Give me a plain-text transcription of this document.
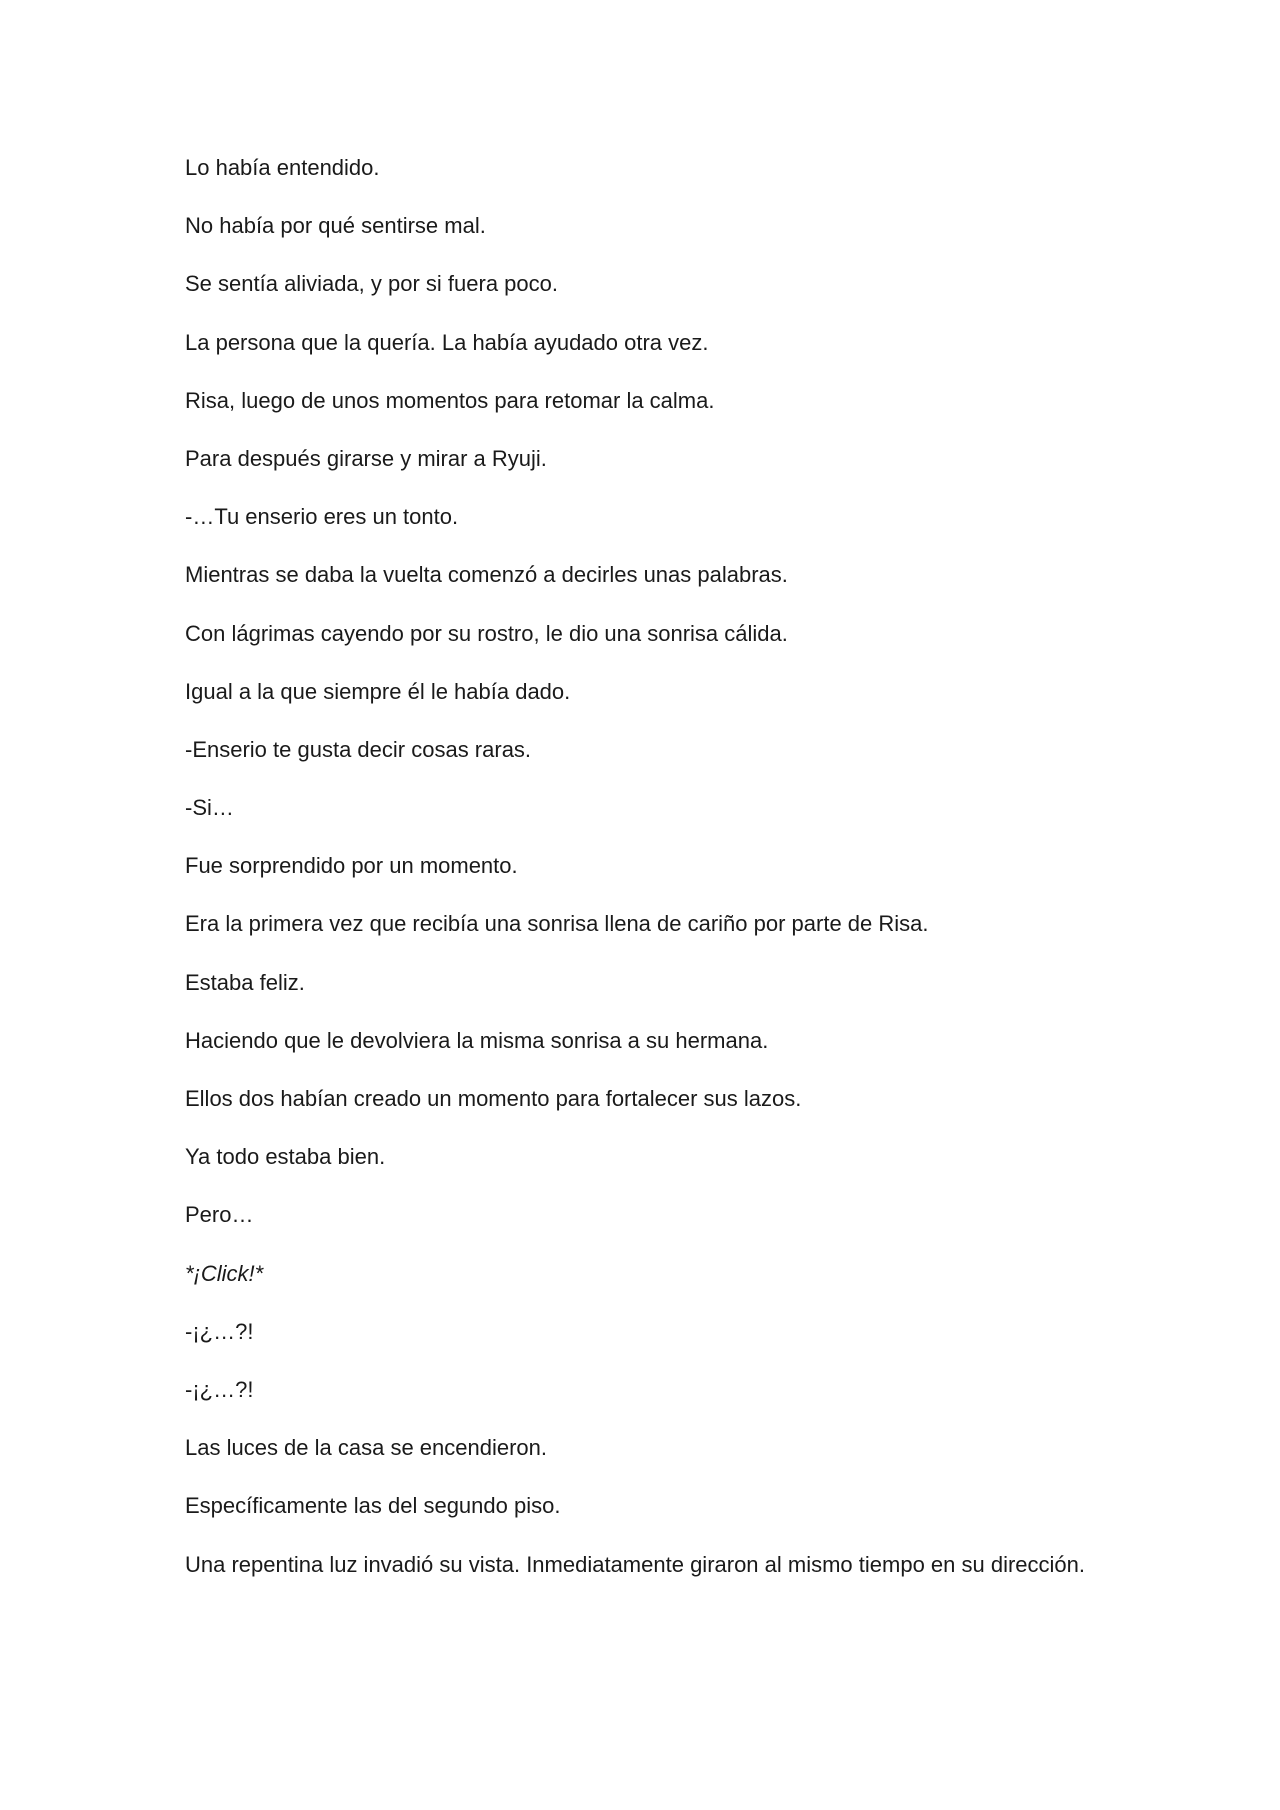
Lo había entendido.

No había por qué sentirse mal.

Se sentía aliviada, y por si fuera poco.

La persona que la quería. La había ayudado otra vez.

Risa, luego de unos momentos para retomar la calma.

Para después girarse y mirar a Ryuji.

-…Tu enserio eres un tonto.

Mientras se daba la vuelta comenzó a decirles unas palabras.

Con lágrimas cayendo por su rostro, le dio una sonrisa cálida.

Igual a la que siempre él le había dado.

-Enserio te gusta decir cosas raras.

-Si…

Fue sorprendido por un momento.

Era la primera vez que recibía una sonrisa llena de cariño por parte de Risa.

Estaba feliz.

Haciendo que le devolviera la misma sonrisa a su hermana.

Ellos dos habían creado un momento para fortalecer sus lazos.

Ya todo estaba bien.

Pero…

*¡Click!*

-¡¿…?!

-¡¿…?!

Las luces de la casa se encendieron.

Específicamente las del segundo piso.

Una repentina luz invadió su vista. Inmediatamente giraron al mismo tiempo en su dirección.
